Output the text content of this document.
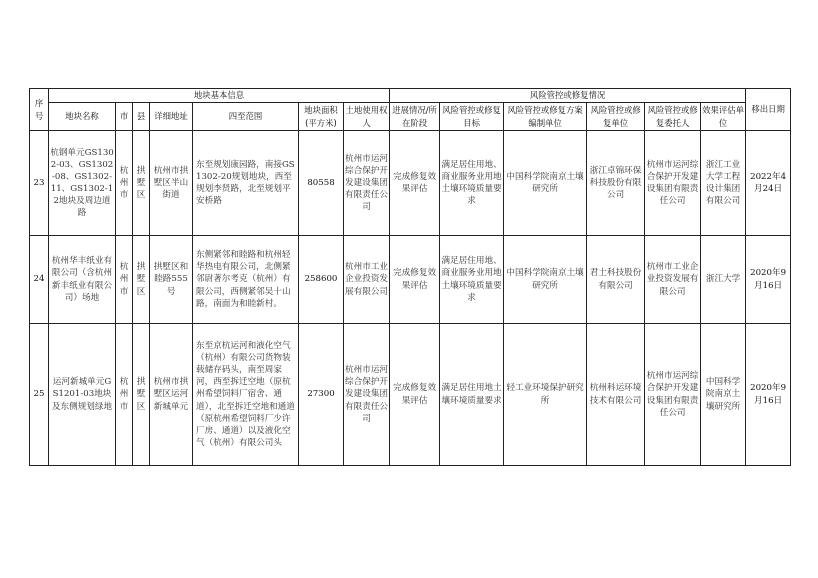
序号	地块基本信息							风险管控或修复情况						移出日期
	地块名称	市	县	详细地址	四至范围	地块面积(平方米)	土地使用权人	进展情况/所在阶段	风险管控或修复目标	风险管控或修复方案编制单位	风险管控或修复单位	风险管控或修复委托人	效果评估单位	
23	杭钢单元GS1302-03、GS1302-08、GS1302-11、GS1302-12地块及周边道路	杭州市	拱墅区	杭州市拱墅区半山街道	东至规划康园路，南接GS1302-20规划地块，西至规划李贤路，北至规划平安桥路	80558	杭州市运河综合保护开发建设集团有限责任公司	完成修复效果评估	满足居住用地、商业服务业用地土壤环境质量要求	中国科学院南京土壤研究所	浙江卓锦环保科技股份有限公司	杭州市运河综合保护开发建设集团有限责任公司	浙江工业大学工程设计集团有限公司	2022年4月24日
24	杭州华丰纸业有限公司（含杭州新丰纸业有限公司）场地	杭州市	拱墅区	拱墅区和睦路555号	东侧紧邻和睦路和杭州轻华热电有限公司，北侧紧邻尉著尔考克（杭州）有限公司，西侧紧邻吴十山路，南面为和睦新村。	258600	杭州市工业企业投资发展有限公司	完成修复效果评估	满足居住用地、商业服务业用地土壤环境质量要求	中国科学院南京土壤研究所	君土科技股份有限公司	杭州市工业企业投资发展有限公司	浙江大学	2020年9月16日
25	运河新城单元GS1201-03地块及东侧规划绿地	杭州市	拱墅区	杭州市拱墅区运河新城单元	东至京杭运河和液化空气（杭州）有限公司货物装载储存码头，南至周家河，西至拆迁空地（原杭州希望饲料厂宿舍、通道），北至拆迁空地和通道（原杭州希望饲料厂少许厂房、通道）以及液化空气（杭州）有限公司头	27300	杭州市运河综合保护开发建设集团有限责任公司	完成修复效果评估	满足居住用地土壤环境质量要求	轻工业环境保护研究所	杭州科运环境技术有限公司	杭州市运河综合保护开发建设集团有限责任公司	中国科学院南京土壤研究所	2020年9月16日
